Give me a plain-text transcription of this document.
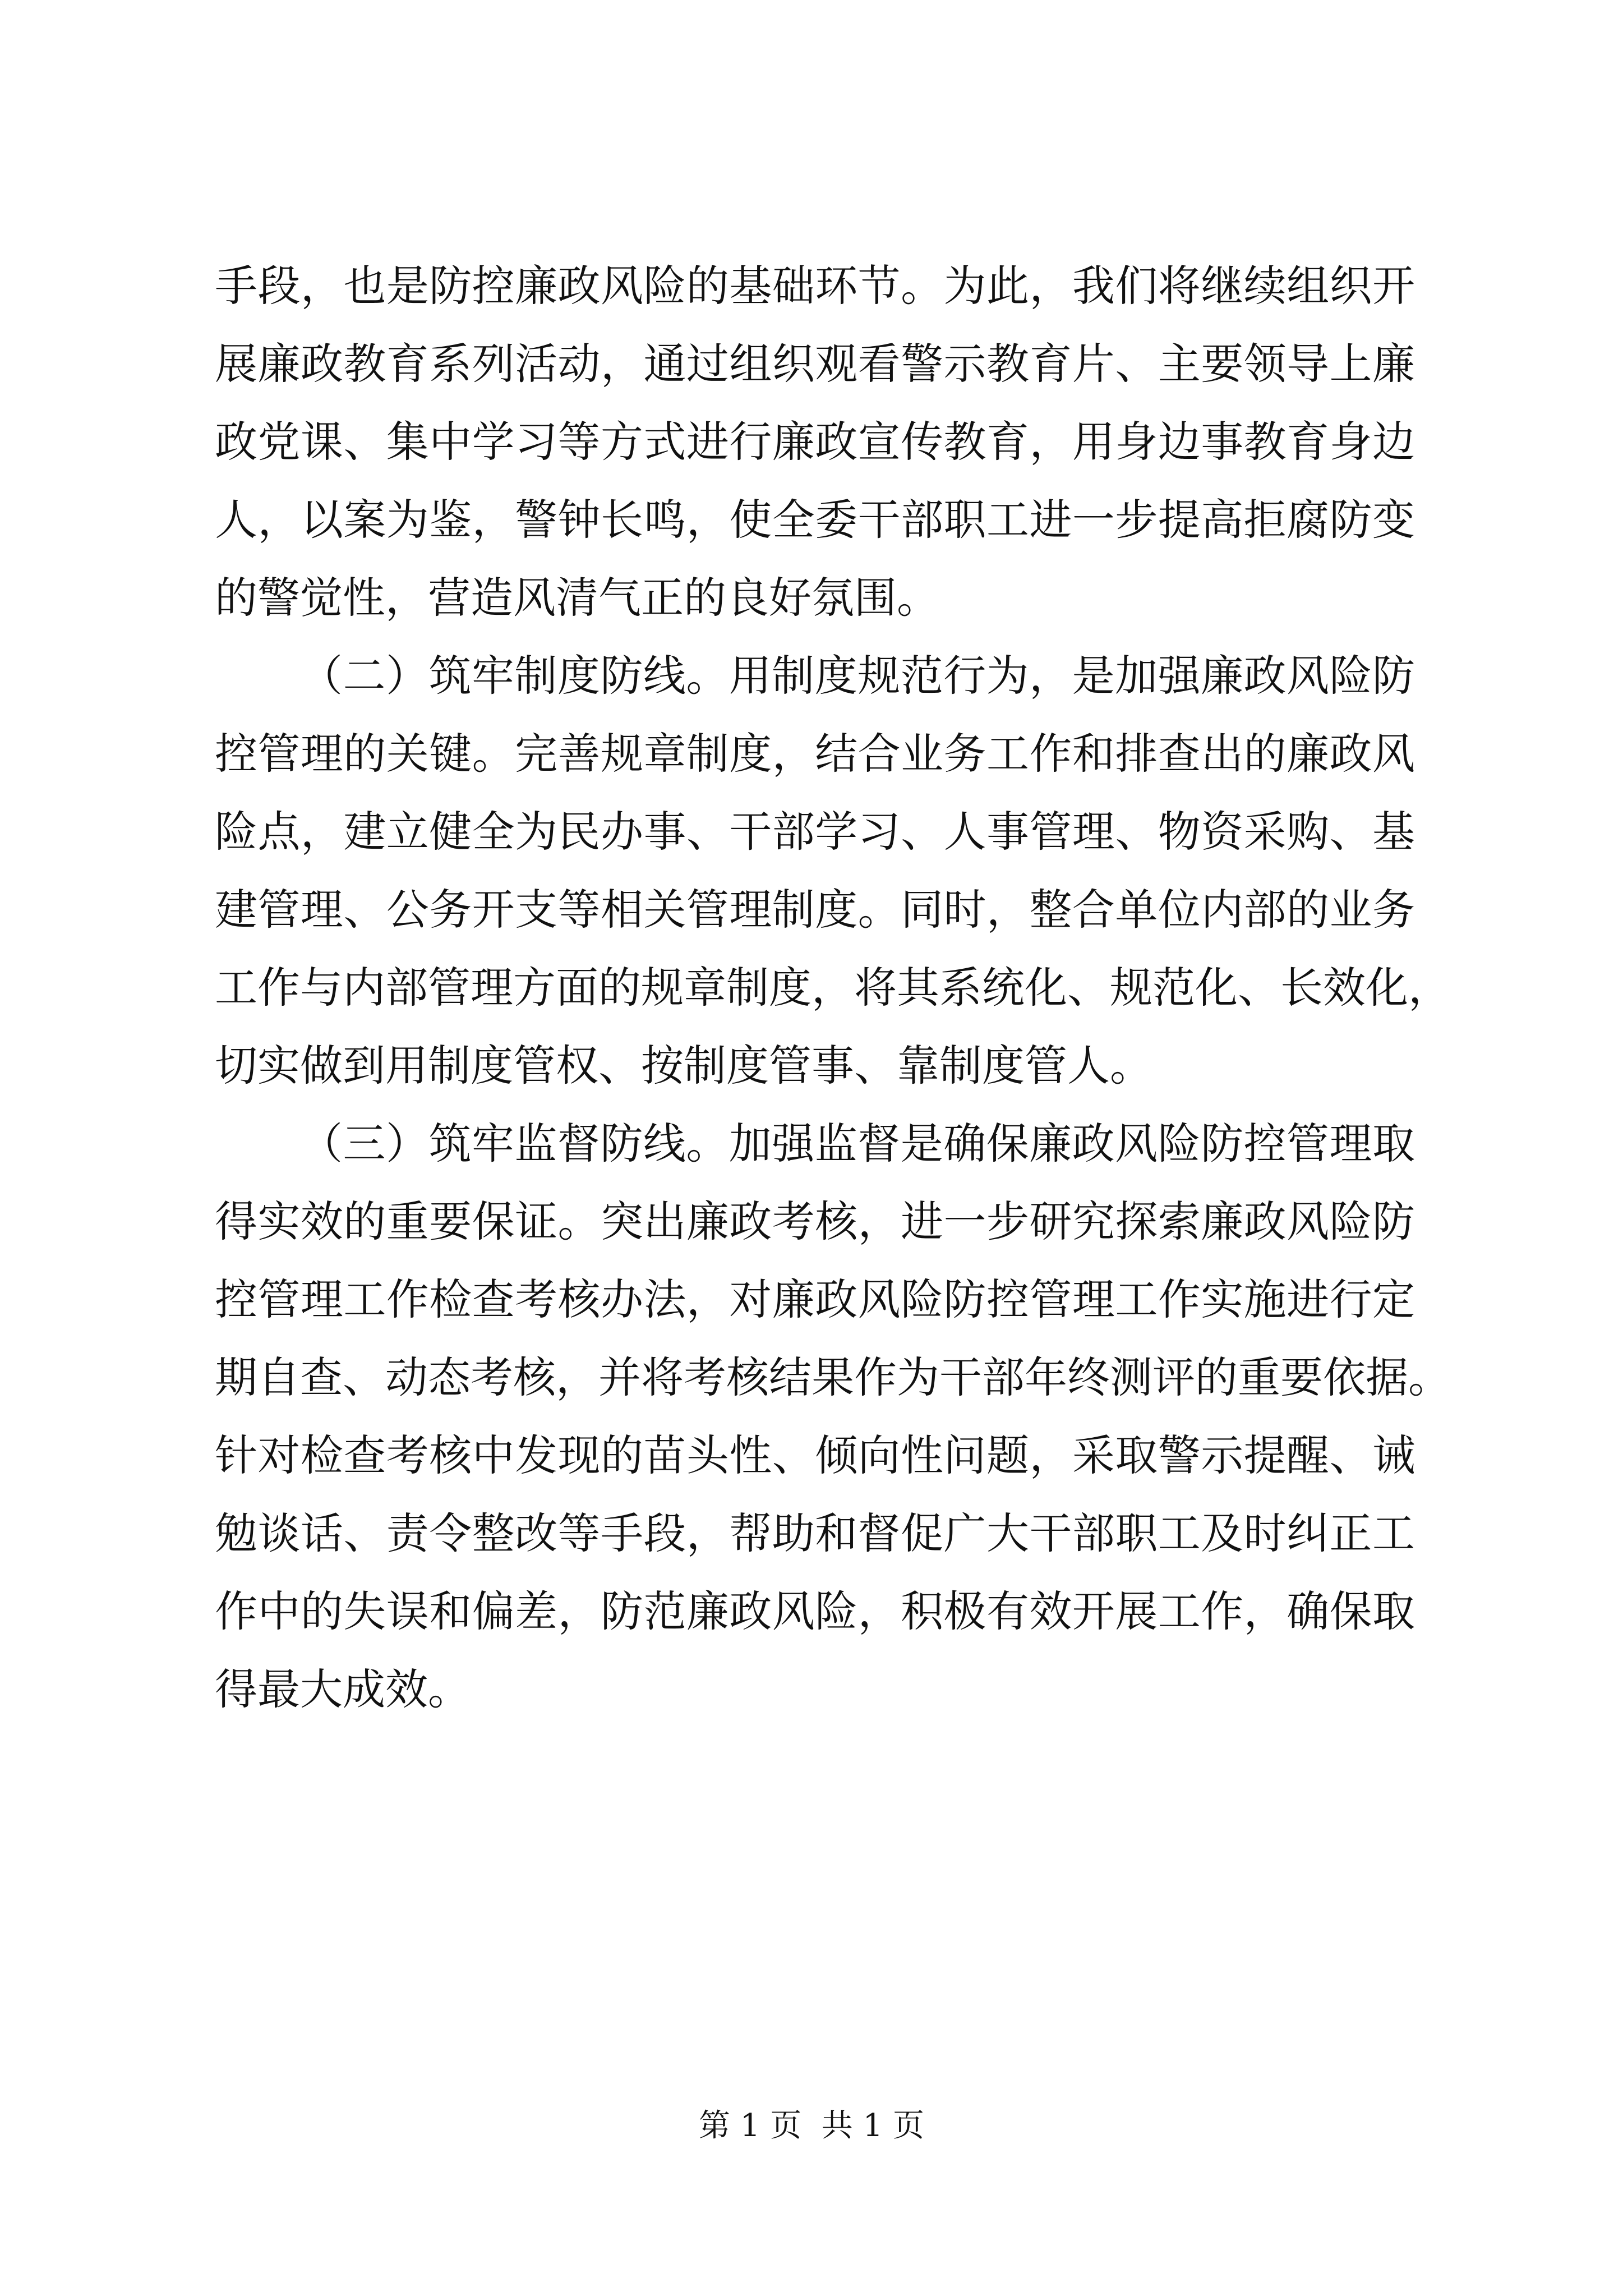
手段，也是防控廉政风险的基础环节。为此，我们将继续组织开
展廉政教育系列活动，通过组织观看警示教育片、主要领导上廉
政党课、集中学习等方式进行廉政宣传教育，用身边事教育身边
人，以案为鉴，警钟长鸣，使全委干部职工进一步提高拒腐防变
的警觉性，营造风清气正的良好氛围。
（二）筑牢制度防线。用制度规范行为，是加强廉政风险防
控管理的关键。完善规章制度，结合业务工作和排查出的廉政风
险点，建立健全为民办事、干部学习、人事管理、物资采购、基
建管理、公务开支等相关管理制度。同时，整合单位内部的业务
工作与内部管理方面的规章制度，将其系统化、规范化、长效化，
切实做到用制度管权、按制度管事、靠制度管人。
（三）筑牢监督防线。加强监督是确保廉政风险防控管理取
得实效的重要保证。突出廉政考核，进一步研究探索廉政风险防
控管理工作检查考核办法，对廉政风险防控管理工作实施进行定
期自查、动态考核，并将考核结果作为干部年终测评的重要依据。
针对检查考核中发现的苗头性、倾向性问题，采取警示提醒、诫
勉谈话、责令整改等手段，帮助和督促广大干部职工及时纠正工
作中的失误和偏差，防范廉政风险，积极有效开展工作，确保取
得最大成效。
第 1 页  共 1 页
